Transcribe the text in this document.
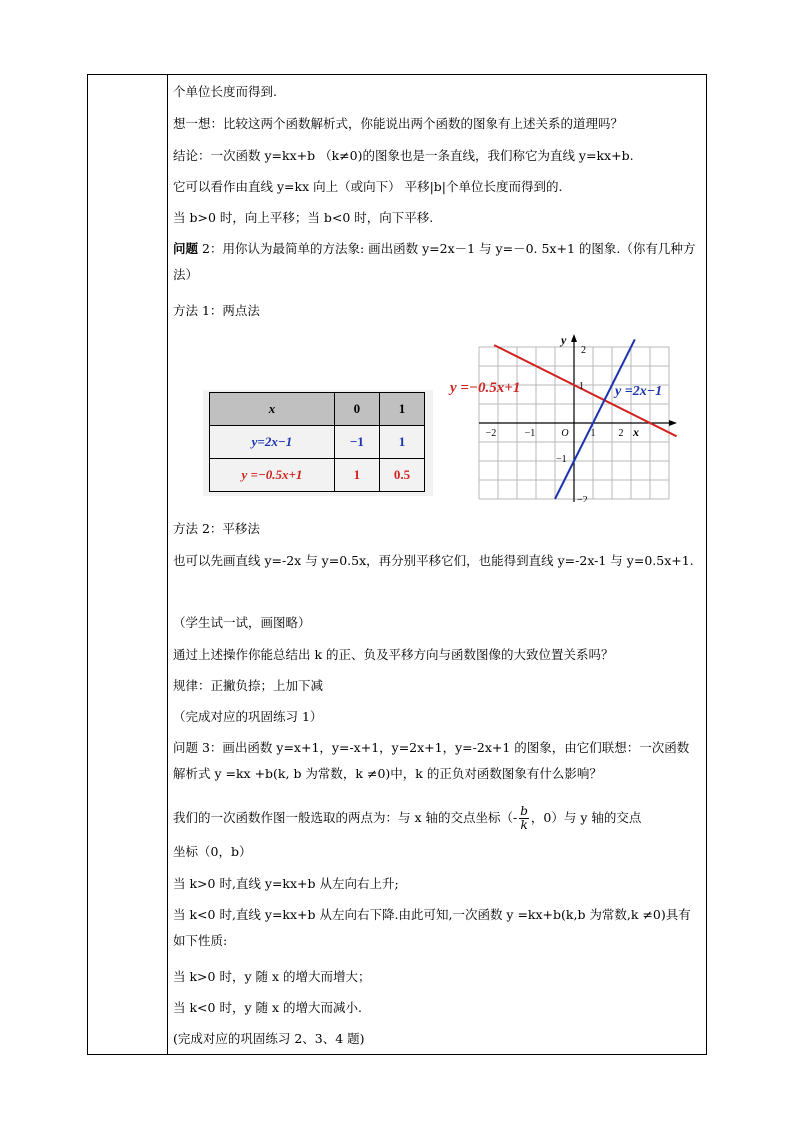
个单位长度而得到.
想一想：比较这两个函数解析式，你能说出两个函数的图象有上述关系的道理吗？
结论：一次函数 y=kx+b （k≠0)的图象也是一条直线，我们称它为直线 y=kx+b.
它可以看作由直线 y=kx 向上（或向下） 平移|b|个单位长度而得到的.
当 b>0 时，向上平移；当 b<0 时，向下平移.
问题 2：用你认为最简单的方法象: 画出函数 y=2x－1 与 y=－0. 5x+1 的图象.（你有几种方法）
方法 1：两点法
x	0	1
y=2x−1	−1	1
y =−0.5x+1	1	0.5
−2	−1	O 1 2 x
2
1
−1
−2
y
y =2x−1
y =−0.5x+1
方法 2：平移法
也可以先画直线 y=-2x 与 y=0.5x，再分别平移它们，也能得到直线 y=-2x-1 与 y=0.5x+1.
（学生试一试，画图略）
通过上述操作你能总结出 k 的正、负及平移方向与函数图像的大致位置关系吗？
规律：正撇负捺；上加下减
（完成对应的巩固练习 1）
问题 3：画出函数 y=x+1，y=-x+1，y=2x+1，y=-2x+1 的图象，由它们联想：一次函数解析式 y =kx +b(k, b 为常数，k ≠0)中，k 的正负对函数图象有什么影响？
我们的一次函数作图一般选取的两点为：与 x 轴的交点坐标（- $\frac{b}{k}$ ，0）与 y 轴的交点
坐标（0，b）
当 k>0 时,直线 y=kx+b 从左向右上升;
当 k<0 时,直线 y=kx+b 从左向右下降.由此可知,一次函数 y =kx+b(k,b 为常数,k ≠0)具有如下性质:
当 k>0 时，y 随 x 的增大而增大；
当 k<0 时，y 随 x 的增大而减小.
(完成对应的巩固练习 2、3、4 题)
